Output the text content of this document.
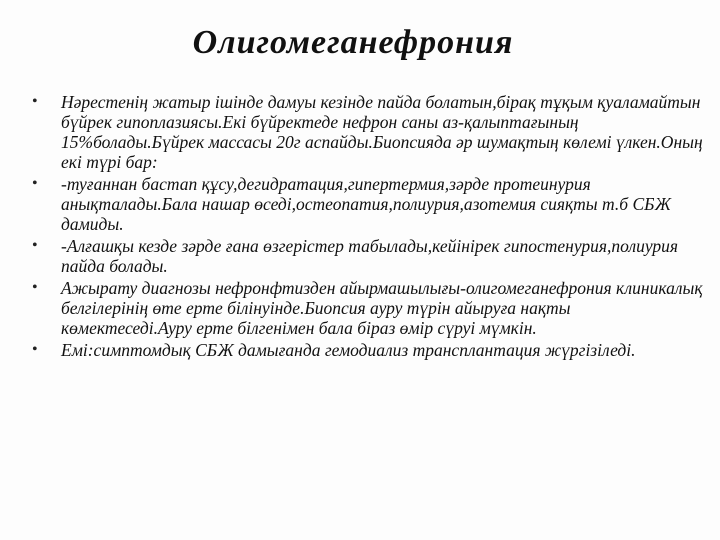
Олигомеганефрония
• Нәрестенің жатыр ішінде дамуы кезінде пайда болатын,бірақ тұқым қуаламайтын бүйрек гипоплазиясы.Екі бүйректеде нефрон саны аз-қалыптағының 15%болады.Бүйрек массасы 20г аспайды.Биопсияда әр шумақтың көлемі үлкен.Оның екі түрі бар:
• -туғаннан бастап құсу,дегидратация,гипертермия,зәрде протеинурия анықталады.Бала нашар өседі,остеопатия,полиурия,азотемия сияқты т.б СБЖ дамиды.
• -Алғашқы кезде зәрде ғана өзгерістер табылады,кейінірек гипостенурия,полиурия пайда болады.
• Ажырату диагнозы нефронфтизден айырмашылығы-олигомеганефрония клиникалық белгілерінің өте ерте білінуінде.Биопсия ауру түрін айыруға нақты көмектеседі.Ауру ерте білгенімен бала біраз өмір сүруі мүмкін.
• Емі:симптомдық СБЖ дамығанда гемодиализ трансплантация жүргізіледі.
